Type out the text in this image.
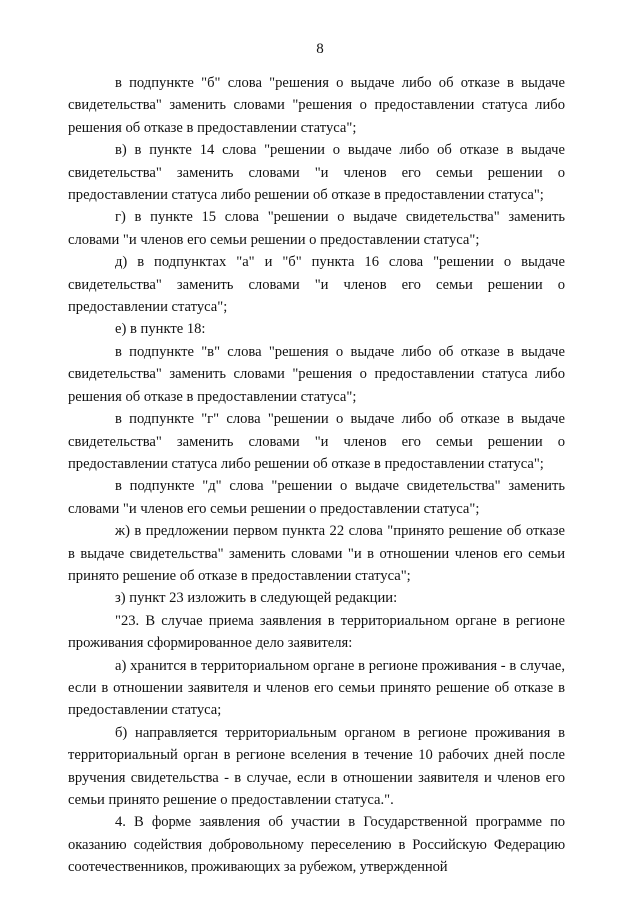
8

в подпункте "б" слова "решения о выдаче либо об отказе в выдаче свидетельства" заменить словами "решения о предоставлении статуса либо решения об отказе в предоставлении статуса";

в) в пункте 14 слова "решении о выдаче либо об отказе в выдаче свидетельства" заменить словами "и членов его семьи решении о предоставлении статуса либо решении об отказе в предоставлении статуса";

г) в пункте 15 слова "решении о выдаче свидетельства" заменить словами "и членов его семьи решении о предоставлении статуса";

д) в подпунктах "а" и "б" пункта 16 слова "решении о выдаче свидетельства" заменить словами "и членов его семьи решении о предоставлении статуса";

е) в пункте 18:

в подпункте "в" слова "решения о выдаче либо об отказе в выдаче свидетельства" заменить словами "решения о предоставлении статуса либо решения об отказе в предоставлении статуса";

в подпункте "г" слова "решении о выдаче либо об отказе в выдаче свидетельства" заменить словами "и членов его семьи решении о предоставлении статуса либо решении об отказе в предоставлении статуса";

в подпункте "д" слова "решении о выдаче свидетельства" заменить словами "и членов его семьи решении о предоставлении статуса";

ж) в предложении первом пункта 22 слова "принято решение об отказе в выдаче свидетельства" заменить словами "и в отношении членов его семьи принято решение об отказе в предоставлении статуса";

з) пункт 23 изложить в следующей редакции:

"23. В случае приема заявления в территориальном органе в регионе проживания сформированное дело заявителя:

а) хранится в территориальном органе в регионе проживания - в случае, если в отношении заявителя и членов его семьи принято решение об отказе в предоставлении статуса;

б) направляется территориальным органом в регионе проживания в территориальный орган в регионе вселения в течение 10 рабочих дней после вручения свидетельства - в случае, если в отношении заявителя и членов его семьи принято решение о предоставлении статуса.".

4. В форме заявления об участии в Государственной программе по оказанию содействия добровольному переселению в Российскую Федерацию соотечественников, проживающих за рубежом, утвержденной
